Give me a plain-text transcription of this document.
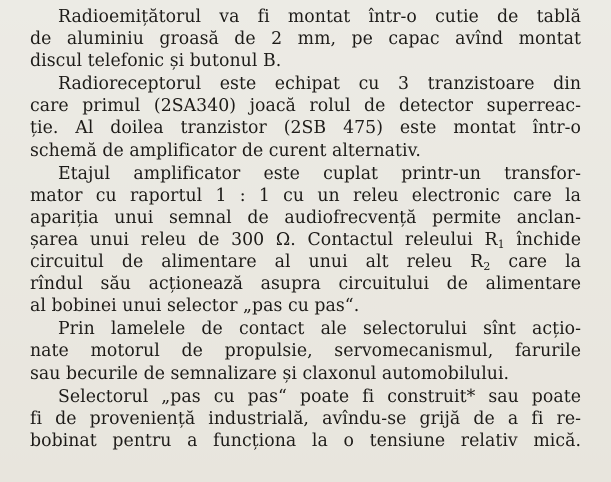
Radioemițătorul va fi montat într-o cutie de tablă
de aluminiu groasă de 2 mm, pe capac avînd montat
discul telefonic și butonul B.

Radioreceptorul este echipat cu 3 tranzistoare din
care primul (2SA340) joacă rolul de detector superreac-
ție. Al doilea tranzistor (2SB 475) este montat într-o
schemă de amplificator de curent alternativ.

Etajul amplificator este cuplat printr-un transfor-
mator cu raportul 1 : 1 cu un releu electronic care la
apariția unui semnal de audiofrecvență permite anclan-
șarea unui releu de 300 Ω. Contactul releului $R_1$ închide
circuitul de alimentare al unui alt releu $R_2$ care la
rîndul său acționează asupra circuitului de alimentare
al bobinei unui selector „pas cu pas“.

Prin lamelele de contact ale selectorului sînt acțio-
nate motorul de propulsie, servomecanismul, farurile
sau becurile de semnalizare și claxonul automobilului.

Selectorul „pas cu pas“ poate fi construit* sau poate
fi de proveniență industrială, avîndu-se grijă de a fi re-
bobinat pentru a funcționa la o tensiune relativ mică.
